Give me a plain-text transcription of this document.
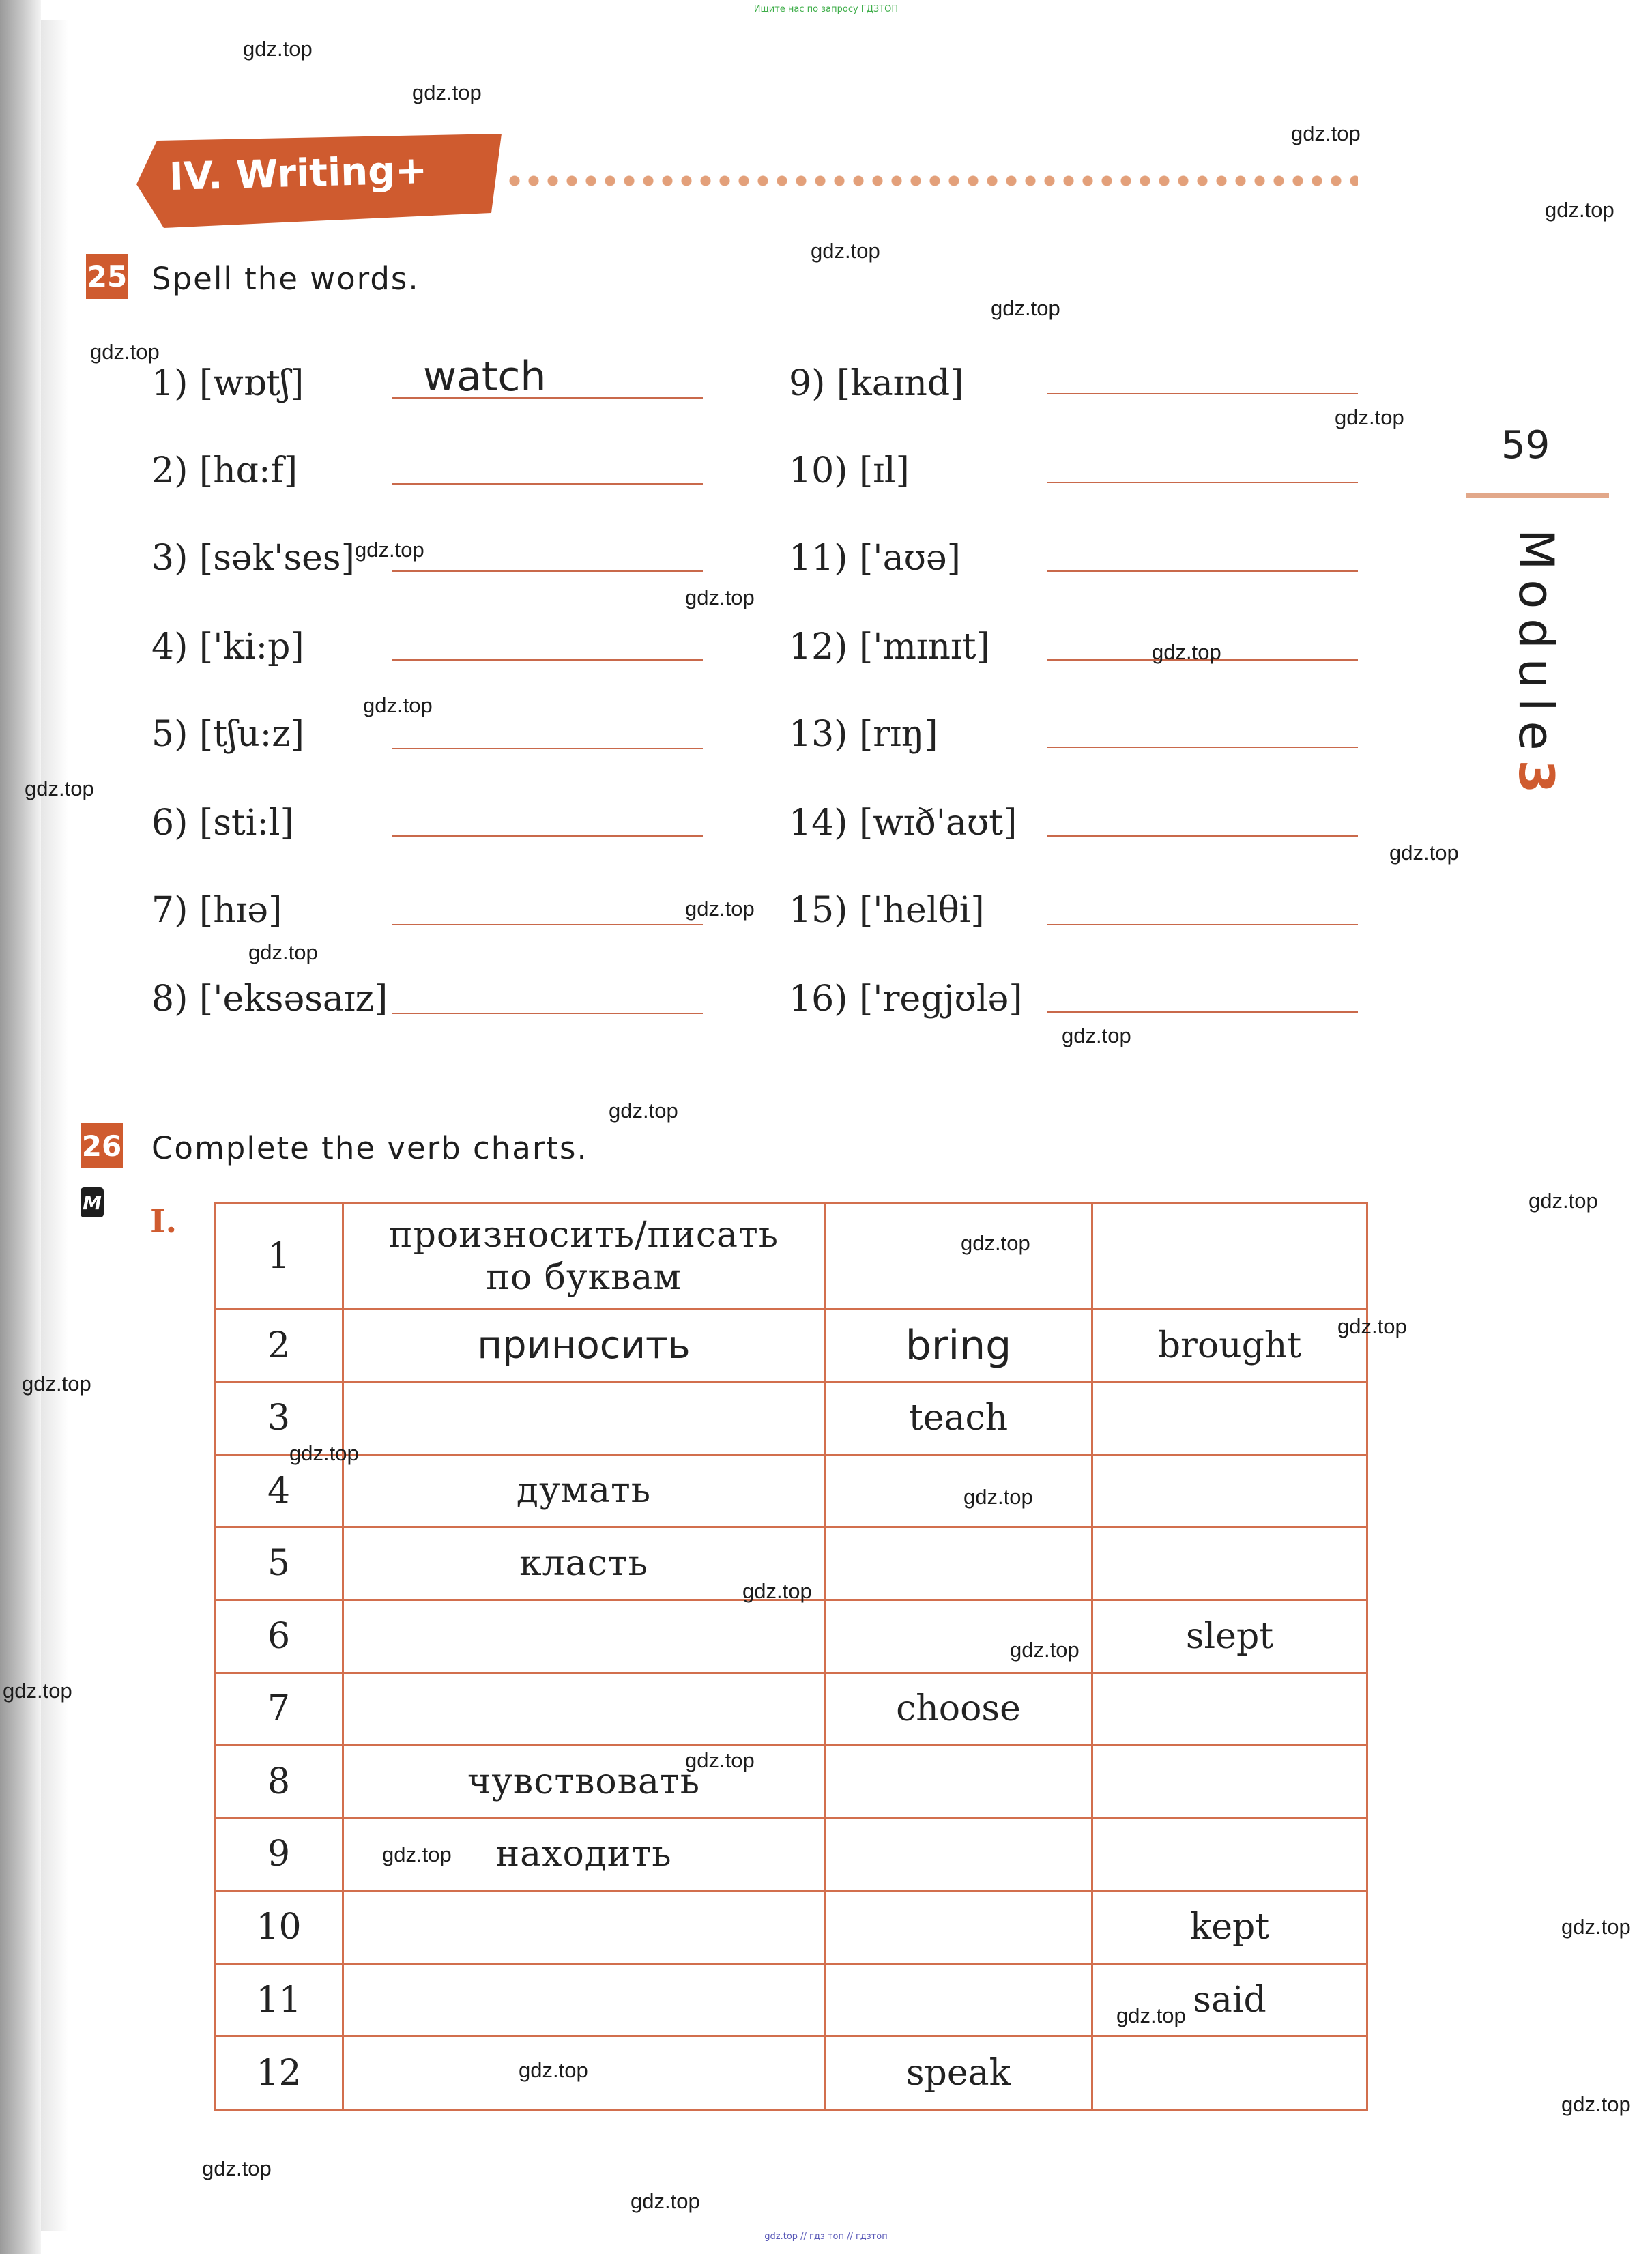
Ищите нас по запросу ГДЗТОП
IV. Writing+
59
Module3
25 Spell the words.
1) [wɒtʃ]	watch
2) [hɑ:f]
3) [sək'ses]
4) ['ki:p]
5) [tʃu:z]
6) [sti:l]
7) [hɪə]
8) ['eksəsaɪz]
9) [kaɪnd]
10) [ɪl]
11) ['aʊə]
12) ['mɪnɪt]
13) [rɪŋ]
14) [wɪð'aʊt]
15) ['helθi]
16) ['regjʊlə]
26 Complete the verb charts.
M I.
1	произносить/писать
по буквам		
2	приносить	bring	brought
3		teach	
4	думать		
5	класть		
6			slept
7		choose	
8	чувствовать		
9	находить		
10			kept
11			said
12		speak	
gdz.top
gdz.top
gdz.top
gdz.top
gdz.top
gdz.top
gdz.top
gdz.top
gdz.top
gdz.top
gdz.top
gdz.top
gdz.top
gdz.top
gdz.top
gdz.top
gdz.top
gdz.top
gdz.top
gdz.top
gdz.top
gdz.top
gdz.top
gdz.top
gdz.top
gdz.top
gdz.top
gdz.top
gdz.top
gdz.top
gdz.top
gdz.top
gdz.top
gdz.top
gdz.top
gdz.top // гдз топ // гдзтоп
